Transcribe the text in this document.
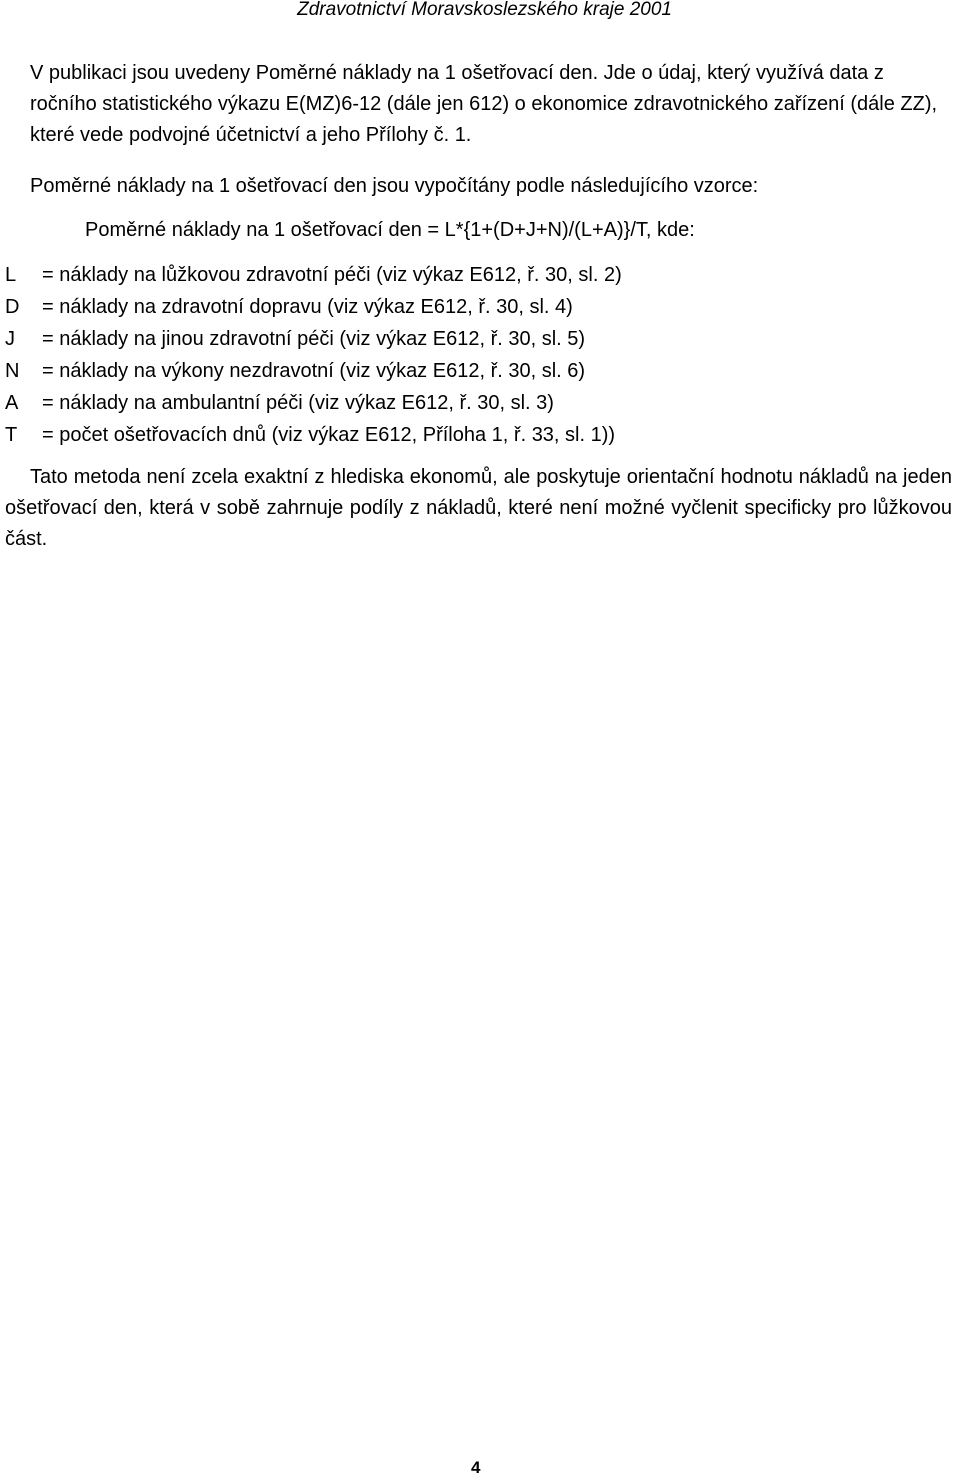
Zdravotnictví Moravskoslezského kraje 2001

V publikaci jsou uvedeny Poměrné náklady na 1 ošetřovací den. Jde o údaj, který využívá data z ročního statistického výkazu E(MZ)6-12 (dále jen 612) o ekonomice zdravotnického zařízení (dále ZZ), které vede podvojné účetnictví a jeho Přílohy č. 1.

Poměrné náklady na 1 ošetřovací den jsou vypočítány podle následujícího vzorce:

Poměrné náklady na 1 ošetřovací den = L*{1+(D+J+N)/(L+A)}/T, kde:

L = náklady na lůžkovou zdravotní péči (viz výkaz E612, ř. 30, sl. 2)
D = náklady na zdravotní dopravu (viz výkaz E612, ř. 30, sl. 4)
J = náklady na jinou zdravotní péči (viz výkaz E612, ř. 30, sl. 5)
N = náklady na výkony nezdravotní (viz výkaz E612, ř. 30, sl. 6)
A = náklady na ambulantní péči (viz výkaz E612, ř. 30, sl. 3)
T = počet ošetřovacích dnů (viz výkaz E612, Příloha 1, ř. 33, sl. 1))

Tato metoda není zcela exaktní z hlediska ekonomů, ale poskytuje orientační hodnotu nákladů na jeden ošetřovací den, která v sobě zahrnuje podíly z nákladů, které není možné vyčlenit specificky pro lůžkovou část.

4
